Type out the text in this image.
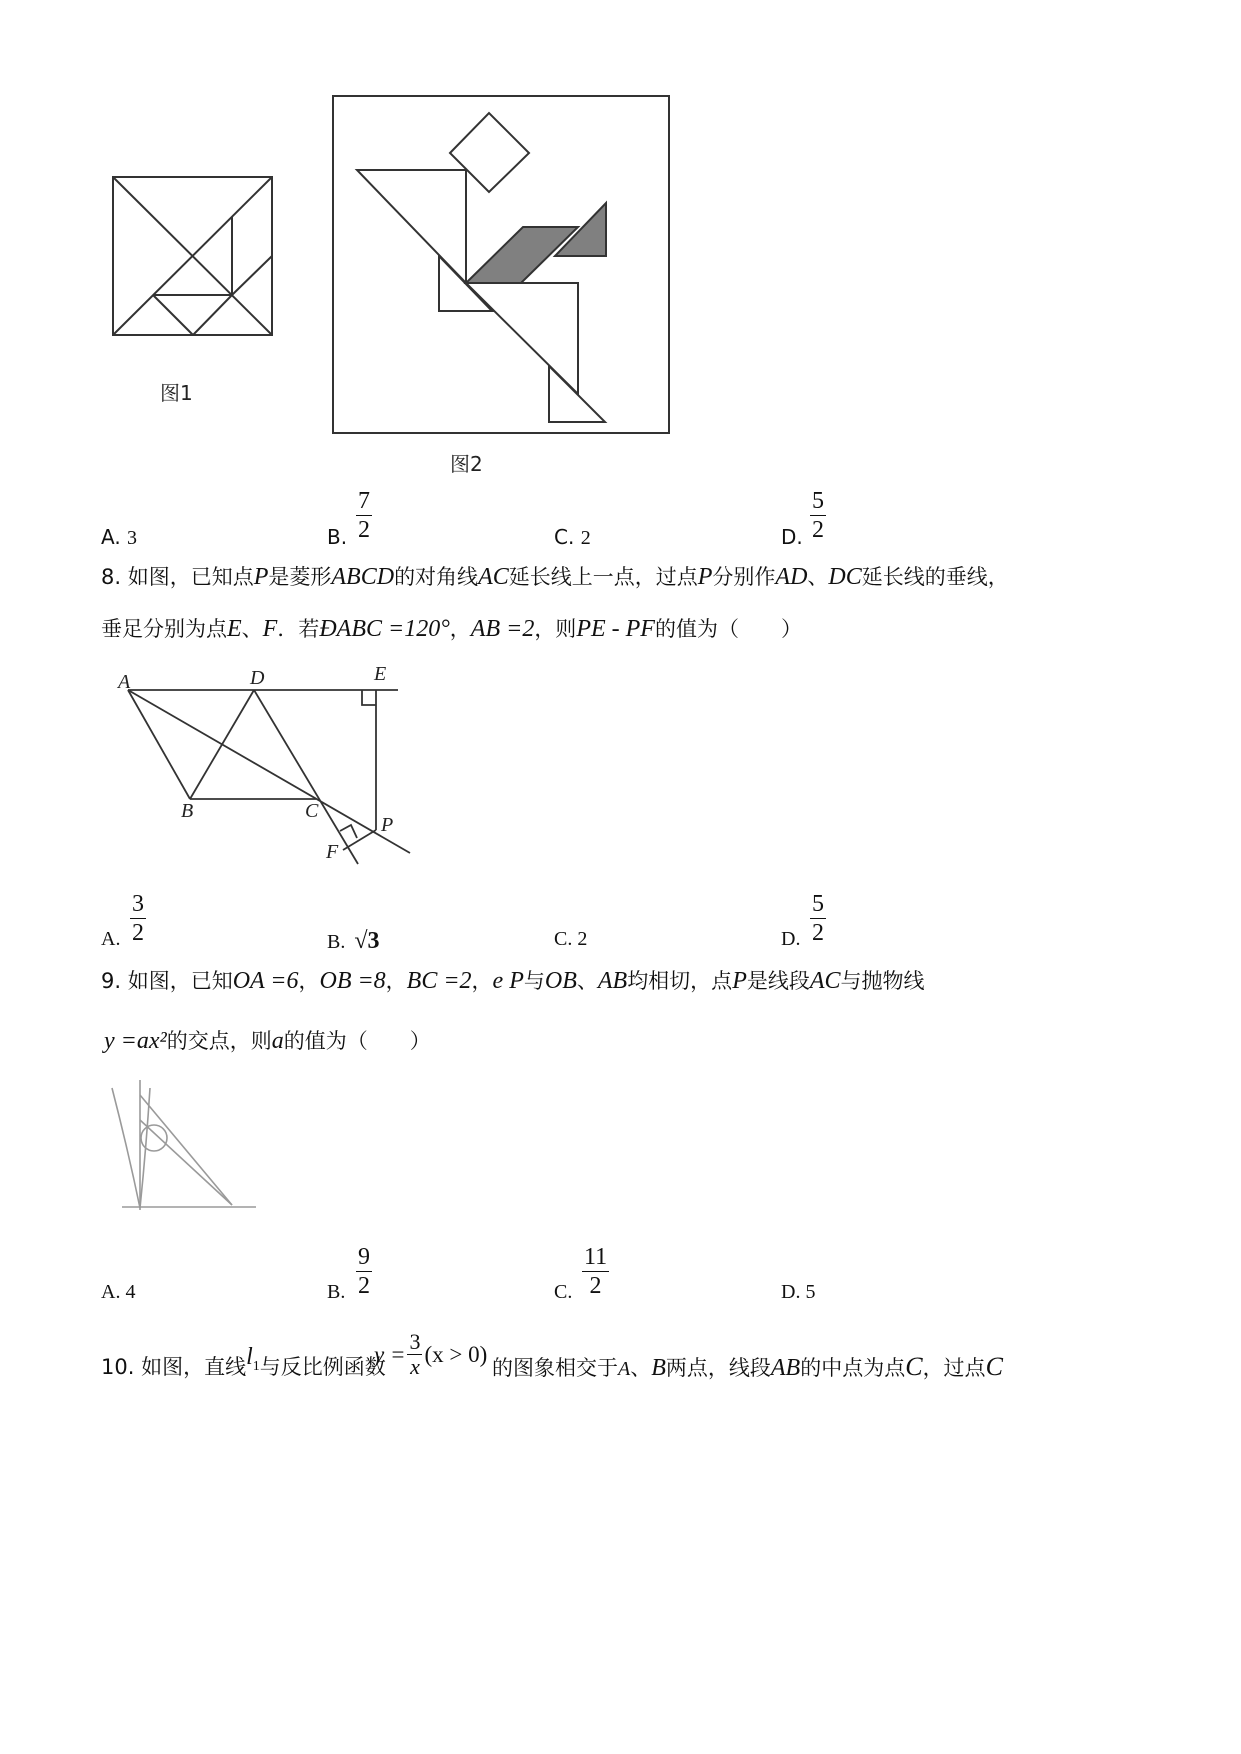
图1
图2
A. 3	B. $\frac{7}{2}$	C. 2	D. $\frac{5}{2}$
8. 如图，已知点P是菱形ABCD的对角线AC延长线上一点，过点P分别作AD、DC延长线的垂线，
垂足分别为点E、F．若ÐABC =120°，AB =2，则PE - PF的值为（　　）
A	D	E
B	C
P
F
A. $\frac{3}{2}$	B. √3	C. 2	D. $\frac{5}{2}$
9. 如图，已知OA =6，OB =8，BC =2，e P与OB、AB均相切，点P是线段AC与抛物线
y =ax²的交点，则a的值为（　　）
A. 4	B. $\frac{9}{2}$	C. $\frac{11}{2}$	D. 5
10. 如图，直线l1与反比例函数
$y = \frac{3}{x} (x > 0)$
的图象相交于A、B两点，线段AB的中点为点C，过点C
